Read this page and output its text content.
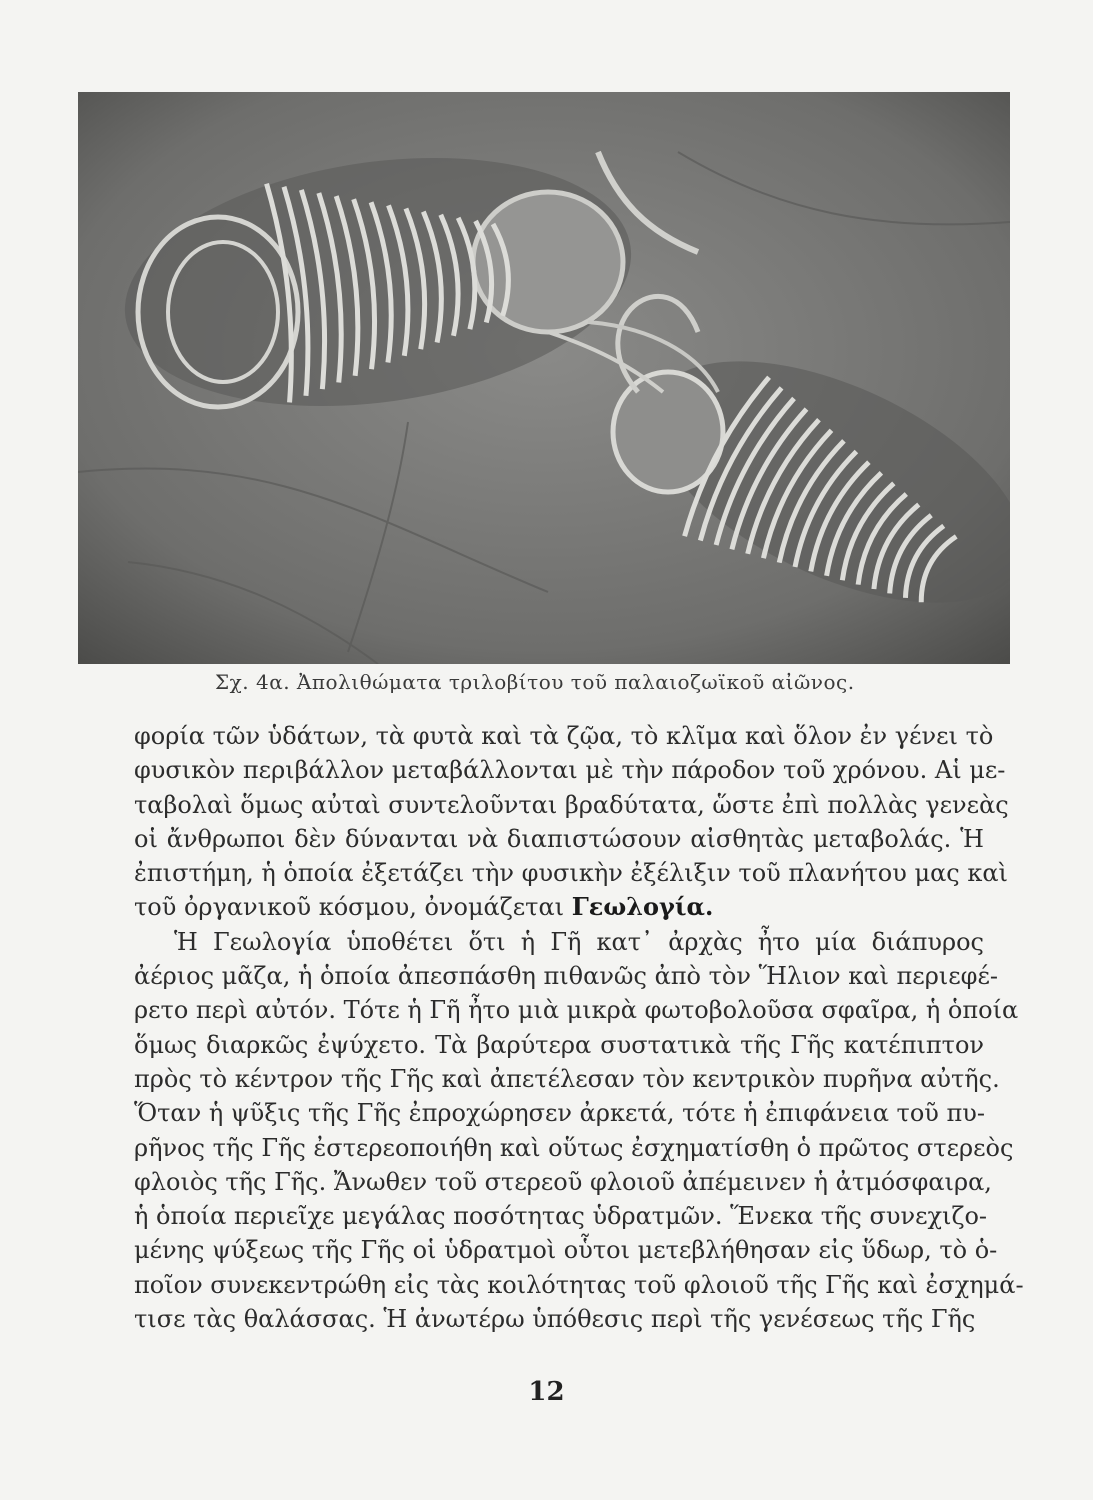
Σχ. 4α. Ἀπολιθώματα τριλοβίτου τοῦ παλαιοζωϊκοῦ αἰῶνος.
φορία τῶν ὑδάτων, τὰ φυτὰ καὶ τὰ ζῷα, τὸ κλῖμα καὶ ὅλον ἐν γένει τὸ
φυσικὸν περιβάλλον μεταβάλλονται μὲ τὴν πάροδον τοῦ χρόνου. Αἱ με-
ταβολαὶ ὅμως αὐταὶ συντελοῦνται βραδύτατα, ὥστε ἐπὶ πολλὰς γενεὰς
οἱ ἄνθρωποι δὲν δύνανται νὰ διαπιστώσουν αἰσθητὰς μεταβολάς. Ἡ
ἐπιστήμη, ἡ ὁποία ἐξετάζει τὴν φυσικὴν ἐξέλιξιν τοῦ πλανήτου μας καὶ
τοῦ ὀργανικοῦ κόσμου, ὀνομάζεται Γεωλογία.
Ἡ Γεωλογία ὑποθέτει ὅτι ἡ Γῆ κατ᾽ ἀρχὰς ἦτο μία διάπυρος
ἀέριος μᾶζα, ἡ ὁποία ἀπεσπάσθη πιθανῶς ἀπὸ τὸν Ἥλιον καὶ περιεφέ-
ρετο περὶ αὐτόν. Τότε ἡ Γῆ ἦτο μιὰ μικρὰ φωτοβολοῦσα σφαῖρα, ἡ ὁποία
ὅμως διαρκῶς ἐψύχετο. Τὰ βαρύτερα συστατικὰ τῆς Γῆς κατέπιπτον
πρὸς τὸ κέντρον τῆς Γῆς καὶ ἀπετέλεσαν τὸν κεντρικὸν πυρῆνα αὐτῆς.
Ὅταν ἡ ψῦξις τῆς Γῆς ἐπροχώρησεν ἀρκετά, τότε ἡ ἐπιφάνεια τοῦ πυ-
ρῆνος τῆς Γῆς ἐστερεοποιήθη καὶ οὕτως ἐσχηματίσθη ὁ πρῶτος στερεὸς
φλοιὸς τῆς Γῆς. Ἄνωθεν τοῦ στερεοῦ φλοιοῦ ἀπέμεινεν ἡ ἀτμόσφαιρα,
ἡ ὁποία περιεῖχε μεγάλας ποσότητας ὑδρατμῶν. Ἕνεκα τῆς συνεχιζο-
μένης ψύξεως τῆς Γῆς οἱ ὑδρατμοὶ οὗτοι μετεβλήθησαν εἰς ὕδωρ, τὸ ὁ-
ποῖον συνεκεντρώθη εἰς τὰς κοιλότητας τοῦ φλοιοῦ τῆς Γῆς καὶ ἐσχημά-
τισε τὰς θαλάσσας. Ἡ ἀνωτέρω ὑπόθεσις περὶ τῆς γενέσεως τῆς Γῆς
12
